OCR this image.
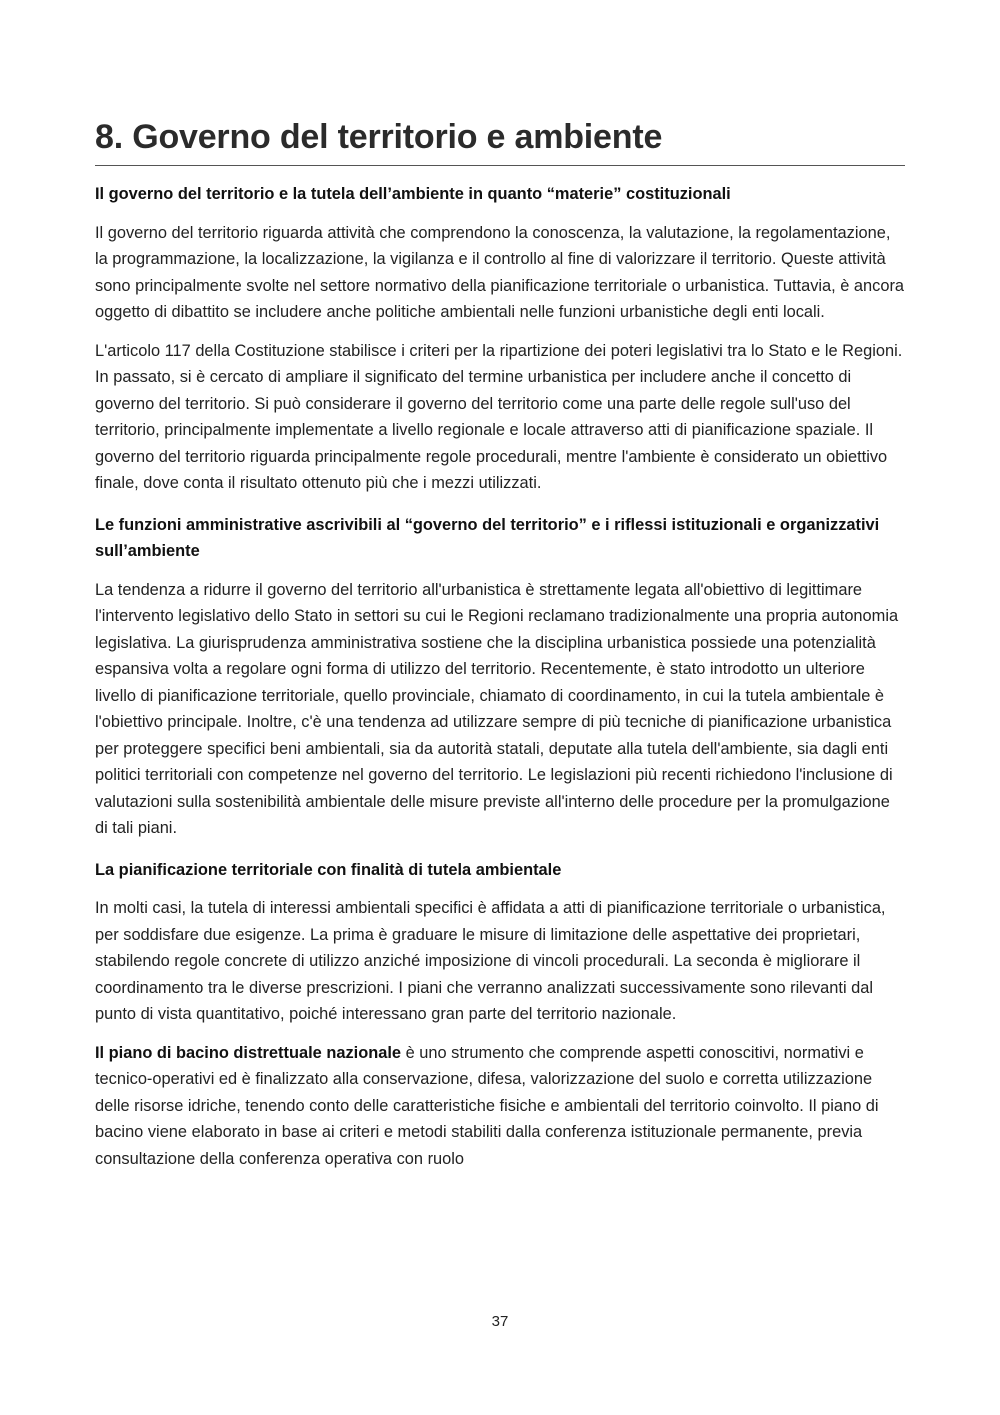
8. Governo del territorio e ambiente
Il governo del territorio e la tutela dell’ambiente in quanto “materie” costituzionali

Il governo del territorio riguarda attività che comprendono la conoscenza, la valutazione, la regolamentazione, la programmazione, la localizzazione, la vigilanza e il controllo al fine di valorizzare il territorio. Queste attività sono principalmente svolte nel settore normativo della pianificazione territoriale o urbanistica. Tuttavia, è ancora oggetto di dibattito se includere anche politiche ambientali nelle funzioni urbanistiche degli enti locali.

L'articolo 117 della Costituzione stabilisce i criteri per la ripartizione dei poteri legislativi tra lo Stato e le Regioni. In passato, si è cercato di ampliare il significato del termine urbanistica per includere anche il concetto di governo del territorio. Si può considerare il governo del territorio come una parte delle regole sull'uso del territorio, principalmente implementate a livello regionale e locale attraverso atti di pianificazione spaziale. Il governo del territorio riguarda principalmente regole procedurali, mentre l'ambiente è considerato un obiettivo finale, dove conta il risultato ottenuto più che i mezzi utilizzati.

Le funzioni amministrative ascrivibili al “governo del territorio” e i riflessi istituzionali e organizzativi sull’ambiente

La tendenza a ridurre il governo del territorio all'urbanistica è strettamente legata all'obiettivo di legittimare l'intervento legislativo dello Stato in settori su cui le Regioni reclamano tradizionalmente una propria autonomia legislativa. La giurisprudenza amministrativa sostiene che la disciplina urbanistica possiede una potenzialità espansiva volta a regolare ogni forma di utilizzo del territorio. Recentemente, è stato introdotto un ulteriore livello di pianificazione territoriale, quello provinciale, chiamato di coordinamento, in cui la tutela ambientale è l'obiettivo principale. Inoltre, c'è una tendenza ad utilizzare sempre di più tecniche di pianificazione urbanistica per proteggere specifici beni ambientali, sia da autorità statali, deputate alla tutela dell'ambiente, sia dagli enti politici territoriali con competenze nel governo del territorio. Le legislazioni più recenti richiedono l'inclusione di valutazioni sulla sostenibilità ambientale delle misure previste all'interno delle procedure per la promulgazione di tali piani.

La pianificazione territoriale con finalità di tutela ambientale

In molti casi, la tutela di interessi ambientali specifici è affidata a atti di pianificazione territoriale o urbanistica, per soddisfare due esigenze. La prima è graduare le misure di limitazione delle aspettative dei proprietari, stabilendo regole concrete di utilizzo anziché imposizione di vincoli procedurali. La seconda è migliorare il coordinamento tra le diverse prescrizioni. I piani che verranno analizzati successivamente sono rilevanti dal punto di vista quantitativo, poiché interessano gran parte del territorio nazionale.

Il piano di bacino distrettuale nazionale è uno strumento che comprende aspetti conoscitivi, normativi e tecnico-operativi ed è finalizzato alla conservazione, difesa, valorizzazione del suolo e corretta utilizzazione delle risorse idriche, tenendo conto delle caratteristiche fisiche e ambientali del territorio coinvolto. Il piano di bacino viene elaborato in base ai criteri e metodi stabiliti dalla conferenza istituzionale permanente, previa consultazione della conferenza operativa con ruolo

37
